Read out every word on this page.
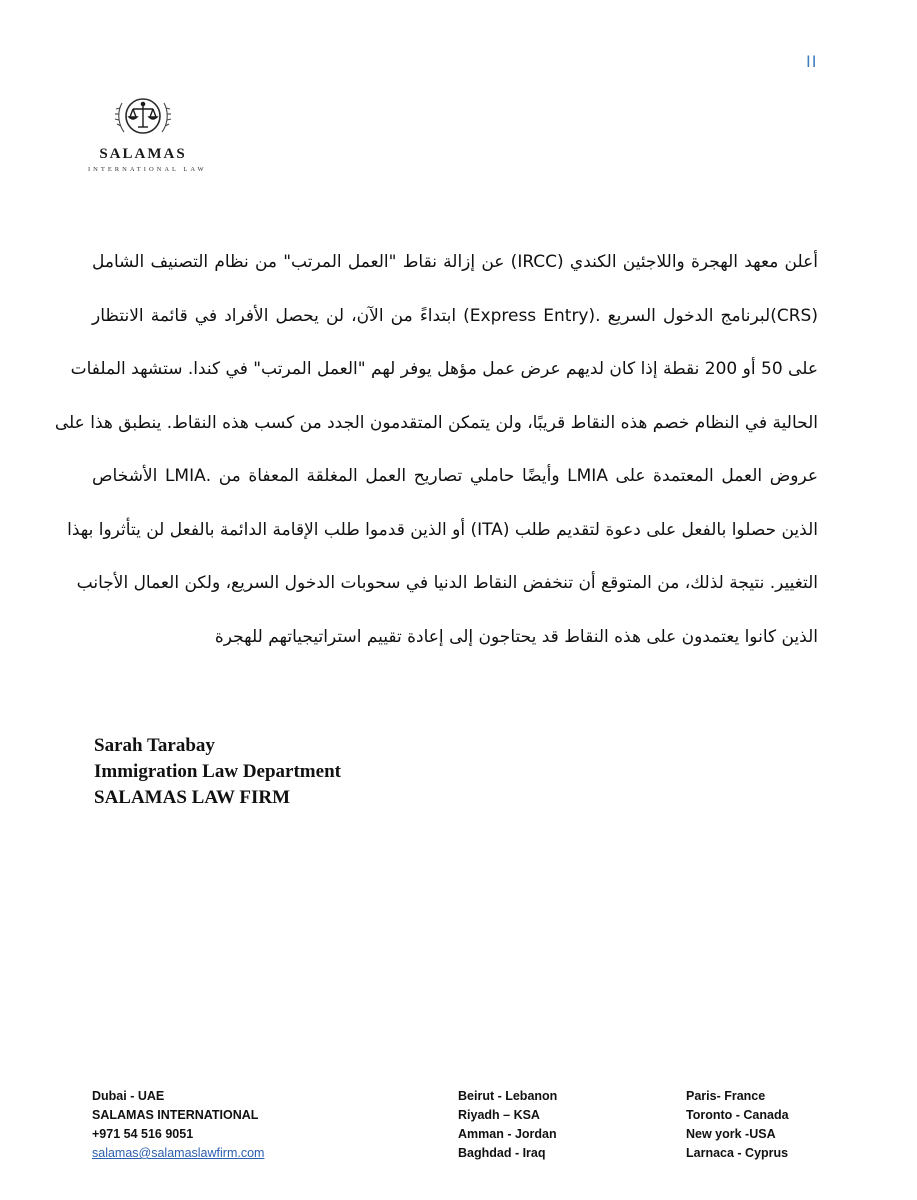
II
SALAMAS
INTERNATIONAL LAW
أعلن معهد الهجرة واللاجئين الكندي (IRCC) عن إزالة نقاط "العمل المرتب" من نظام التصنيف الشامل
(CRS)لبرنامج الدخول السريع .(Express Entry) ابتداءً من الآن، لن يحصل الأفراد في قائمة الانتظار
على 50 أو 200 نقطة إذا كان لديهم عرض عمل مؤهل يوفر لهم "العمل المرتب" في كندا. ستشهد الملفات
الحالية في النظام خصم هذه النقاط قريبًا، ولن يتمكن المتقدمون الجدد من كسب هذه النقاط. ينطبق هذا على
عروض العمل المعتمدة على LMIA وأيضًا حاملي تصاريح العمل المغلقة المعفاة من .LMIA الأشخاص
الذين حصلوا بالفعل على دعوة لتقديم طلب (ITA) أو الذين قدموا طلب الإقامة الدائمة بالفعل لن يتأثروا بهذا
التغيير. نتيجة لذلك، من المتوقع أن تنخفض النقاط الدنيا في سحوبات الدخول السريع، ولكن العمال الأجانب
الذين كانوا يعتمدون على هذه النقاط قد يحتاجون إلى إعادة تقييم استراتيجياتهم للهجرة
Sarah Tarabay
Immigration Law Department
SALAMAS LAW FIRM
Dubai - UAE
SALAMAS INTERNATIONAL
+971 54 516 9051
salamas@salamaslawfirm.com
Beirut - Lebanon
Riyadh – KSA
Amman - Jordan
Baghdad - Iraq
Paris- France
Toronto - Canada
New york -USA
Larnaca - Cyprus
